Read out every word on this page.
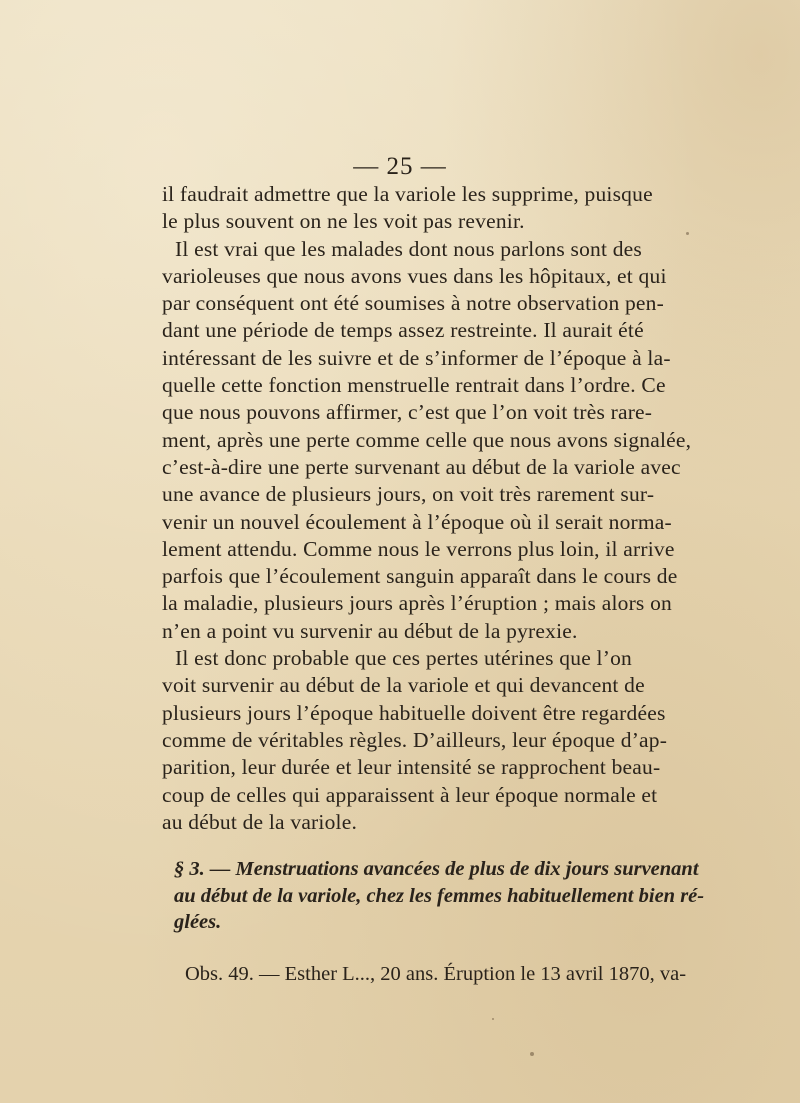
— 25 —
il faudrait admettre que la variole les supprime, puisque
le plus souvent on ne les voit pas revenir.
Il est vrai que les malades dont nous parlons sont des
varioleuses que nous avons vues dans les hôpitaux, et qui
par conséquent ont été soumises à notre observation pen-
dant une période de temps assez restreinte. Il aurait été
intéressant de les suivre et de s’informer de l’époque à la-
quelle cette fonction menstruelle rentrait dans l’ordre. Ce
que nous pouvons affirmer, c’est que l’on voit très rare-
ment, après une perte comme celle que nous avons signalée,
c’est-à-dire une perte survenant au début de la variole avec
une avance de plusieurs jours, on voit très rarement sur-
venir un nouvel écoulement à l’époque où il serait norma-
lement attendu. Comme nous le verrons plus loin, il arrive
parfois que l’écoulement sanguin apparaît dans le cours de
la maladie, plusieurs jours après l’éruption ; mais alors on
n’en a point vu survenir au début de la pyrexie.
Il est donc probable que ces pertes utérines que l’on
voit survenir au début de la variole et qui devancent de
plusieurs jours l’époque habituelle doivent être regardées
comme de véritables règles. D’ailleurs, leur époque d’ap-
parition, leur durée et leur intensité se rapprochent beau-
coup de celles qui apparaissent à leur époque normale et
au début de la variole.
§ 3. — Menstruations avancées de plus de dix jours survenant
au début de la variole, chez les femmes habituellement bien ré-
glées.
Obs. 49. — Esther L..., 20 ans. Éruption le 13 avril 1870, va-
